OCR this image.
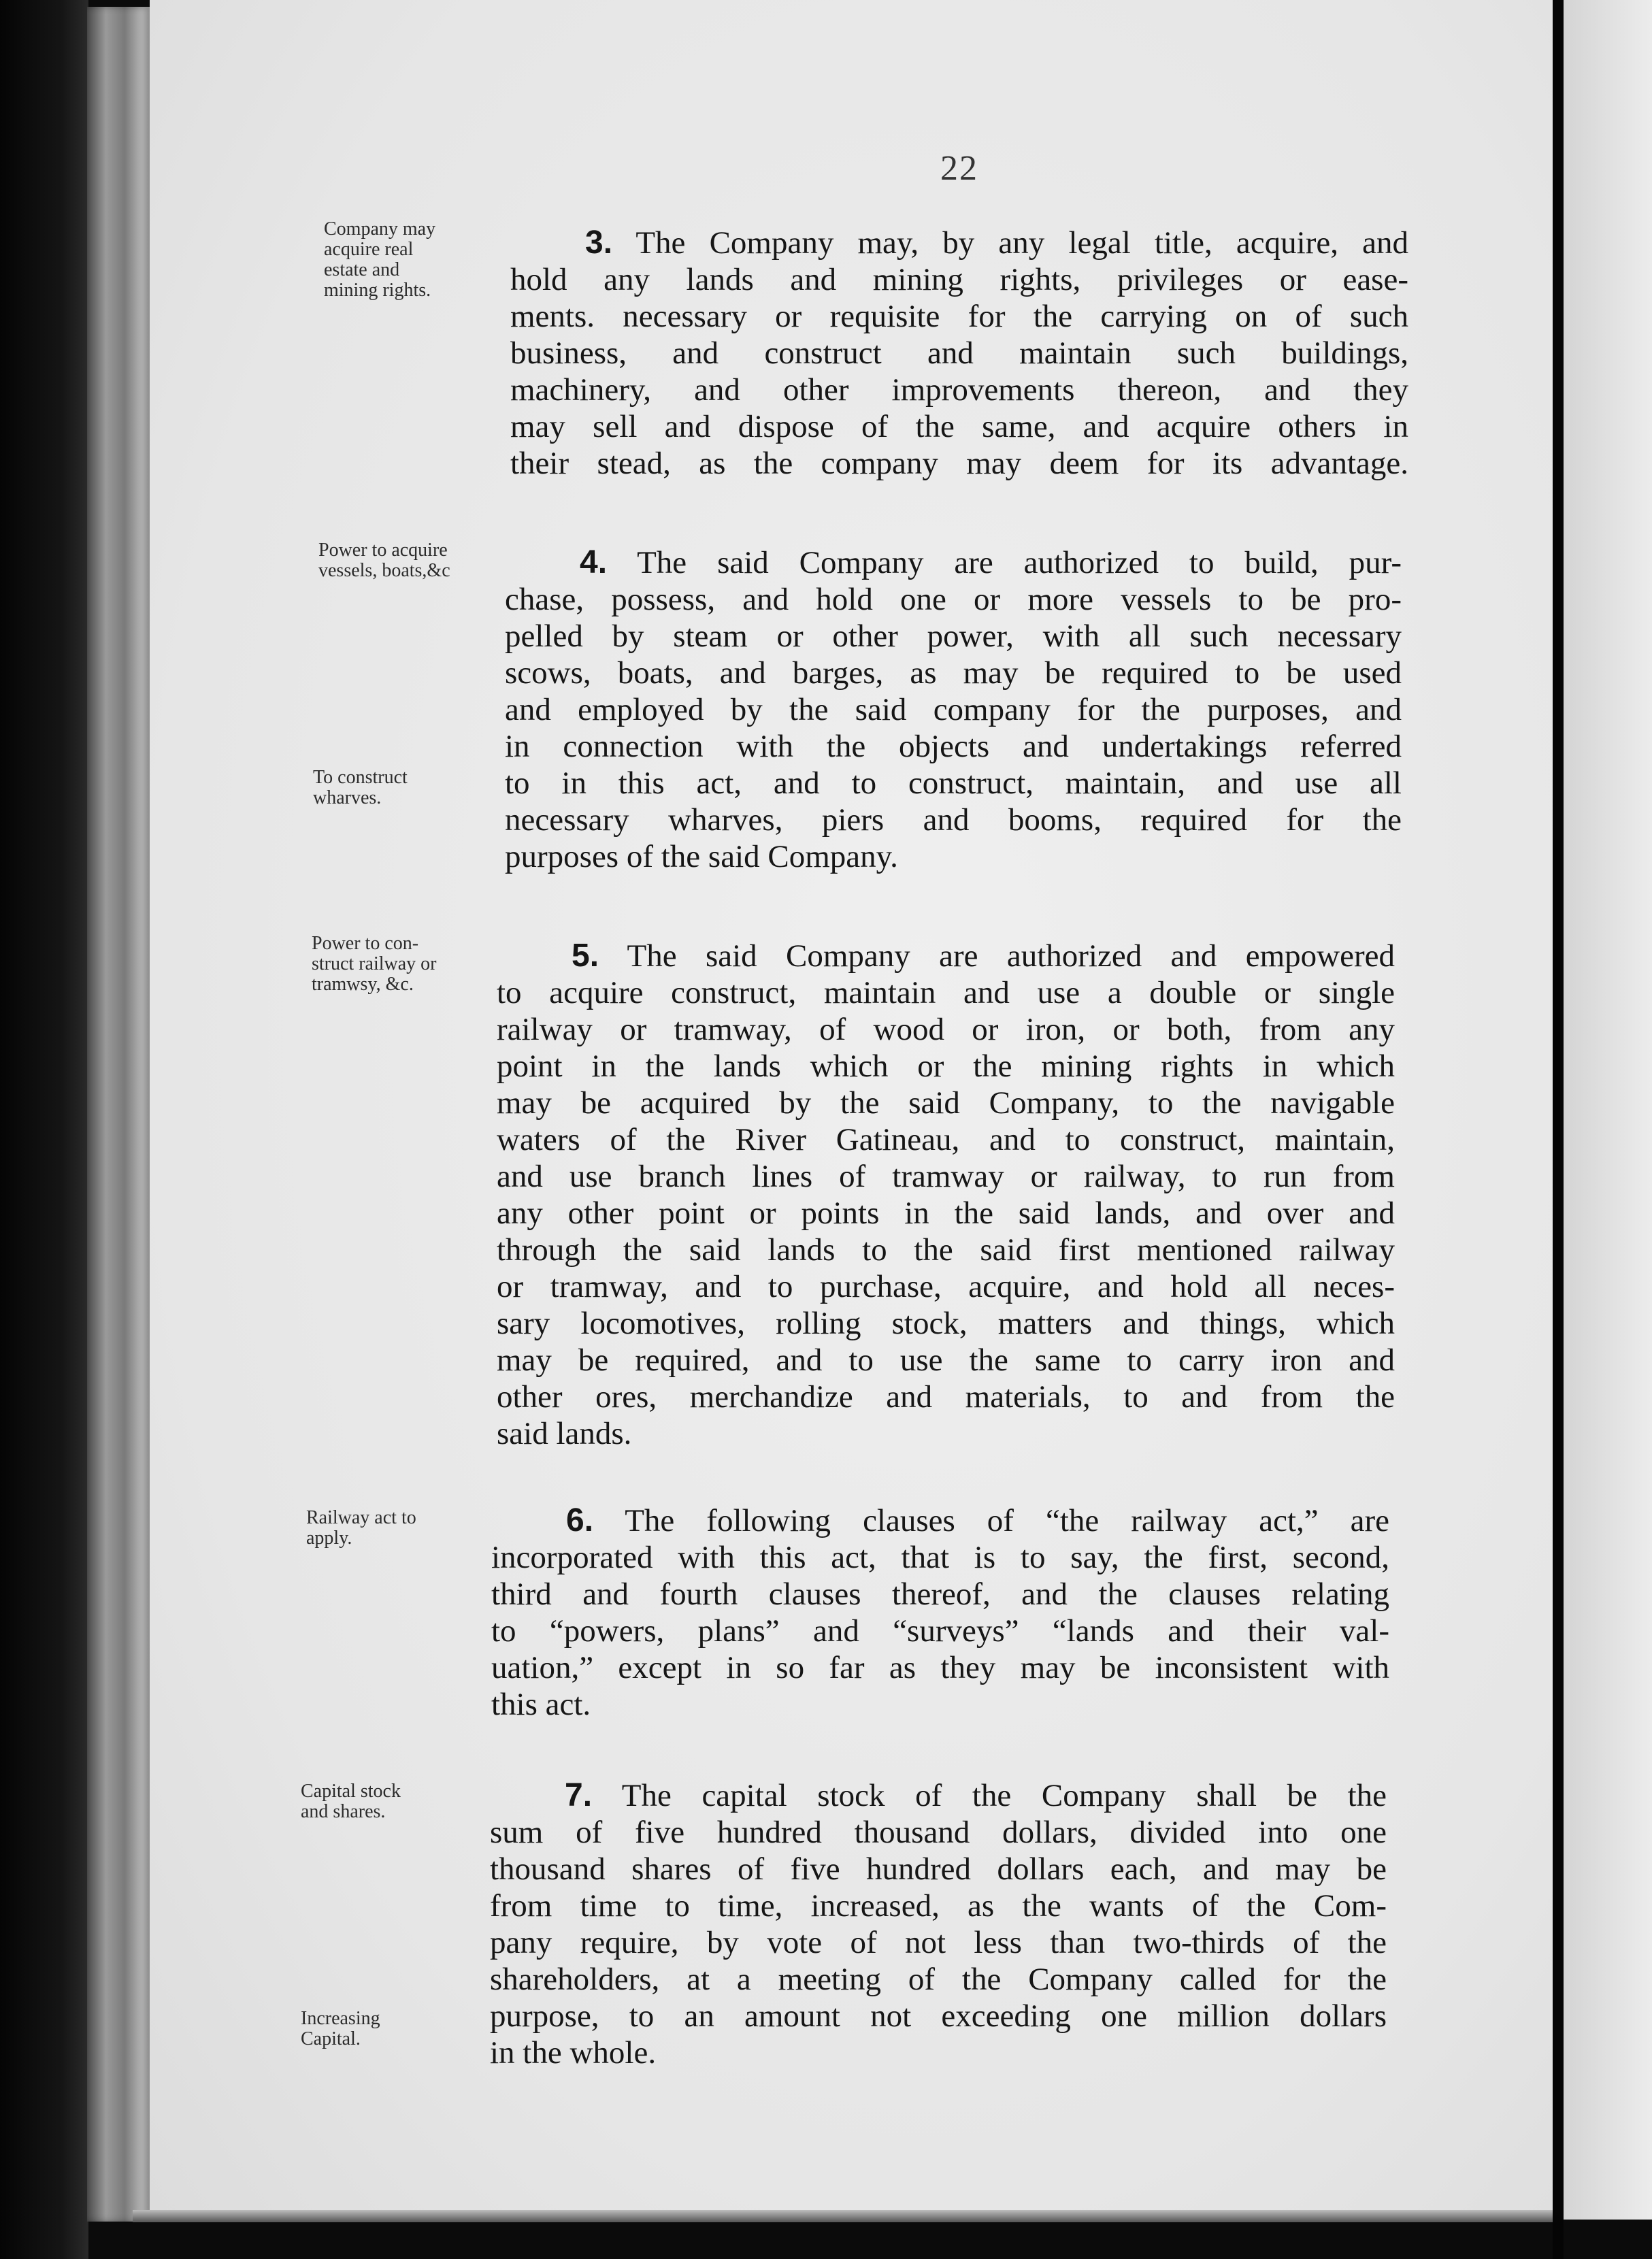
22
Company may
acquire real
estate and
mining rights.
Power to acquire
vessels, boats,&c
To construct
wharves.
Power to con-
struct railway or
tramwsy, &c.
Railway act to
apply.
Capital stock
and shares.
Increasing
Capital.
3. The Company may, by any legal title, acquire, and
hold any lands and mining rights, privileges or ease-
ments. necessary or requisite for the carrying on of such
business, and construct and maintain such buildings,
machinery, and other improvements thereon, and they
may sell and dispose of the same, and acquire others in
their stead, as the company may deem for its advantage.
4. The said Company are authorized to build, pur-
chase, possess, and hold one or more vessels to be pro-
pelled by steam or other power, with all such necessary
scows, boats, and barges, as may be required to be used
and employed by the said company for the purposes, and
in connection with the objects and undertakings referred
to in this act, and to construct, maintain, and use all
necessary wharves, piers and booms, required for the
purposes of the said Company.
5. The said Company are authorized and empowered
to acquire construct, maintain and use a double or single
railway or tramway, of wood or iron, or both, from any
point in the lands which or the mining rights in which
may be acquired by the said Company, to the navigable
waters of the River Gatineau, and to construct, maintain,
and use branch lines of tramway or railway, to run from
any other point or points in the said lands, and over and
through the said lands to the said first mentioned railway
or tramway, and to purchase, acquire, and hold all neces-
sary locomotives, rolling stock, matters and things, which
may be required, and to use the same to carry iron and
other ores, merchandize and materials, to and from the
said lands.
6. The following clauses of “the railway act,” are
incorporated with this act, that is to say, the first, second,
third and fourth clauses thereof, and the clauses relating
to “powers, plans” and “surveys” “lands and their val-
uation,” except in so far as they may be inconsistent with
this act.
7. The capital stock of the Company shall be the
sum of five hundred thousand dollars, divided into one
thousand shares of five hundred dollars each, and may be
from time to time, increased, as the wants of the Com-
pany require, by vote of not less than two-thirds of the
shareholders, at a meeting of the Company called for the
purpose, to an amount not exceeding one million dollars
in the whole.
